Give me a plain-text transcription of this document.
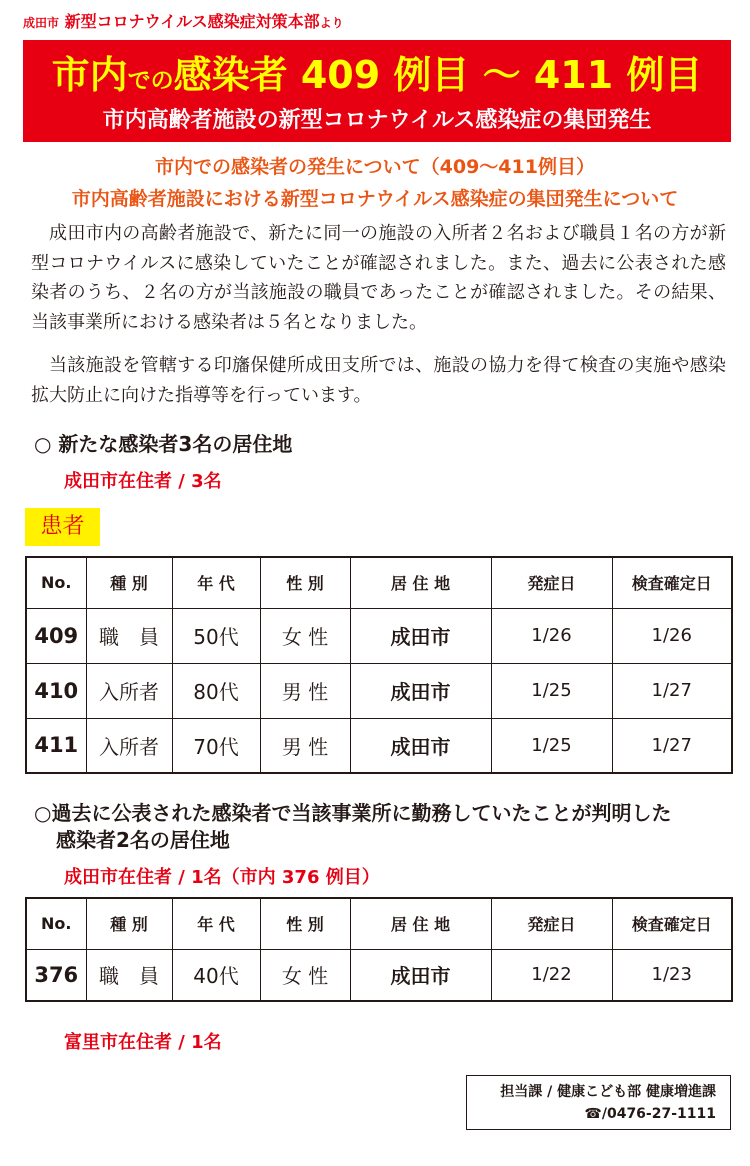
成田市 新型コロナウイルス感染症対策本部より
市内での感染者 409 例目 ～ 411 例目
市内高齢者施設の新型コロナウイルス感染症の集団発生
市内での感染者の発生について（409～411例目）
市内高齢者施設における新型コロナウイルス感染症の集団発生について

成田市内の高齢者施設で、新たに同一の施設の入所者２名および職員１名の方が新型コロナウイルスに感染していたことが確認されました。また、過去に公表された感染者のうち、２名の方が当該施設の職員であったことが確認されました。その結果、当該事業所における感染者は５名となりました。

当該施設を管轄する印旛保健所成田支所では、施設の協力を得て検査の実施や感染拡大防止に向けた指導等を行っています。

○ 新たな感染者3名の居住地
成田市在住者 / 3名
患者
No.	種 別	年 代	性 別	居 住 地	発症日	検査確定日
409	職　員	50代	女 性	成田市	1/26	1/26
410	入所者	80代	男 性	成田市	1/25	1/27
411	入所者	70代	男 性	成田市	1/25	1/27
○過去に公表された感染者で当該事業所に勤務していたことが判明した
感染者2名の居住地
成田市在住者 / 1名（市内 376 例目）
No.	種 別	年 代	性 別	居 住 地	発症日	検査確定日
376	職　員	40代	女 性	成田市	1/22	1/23
富里市在住者 / 1名
担当課 / 健康こども部 健康増進課
☎/0476-27-1111
